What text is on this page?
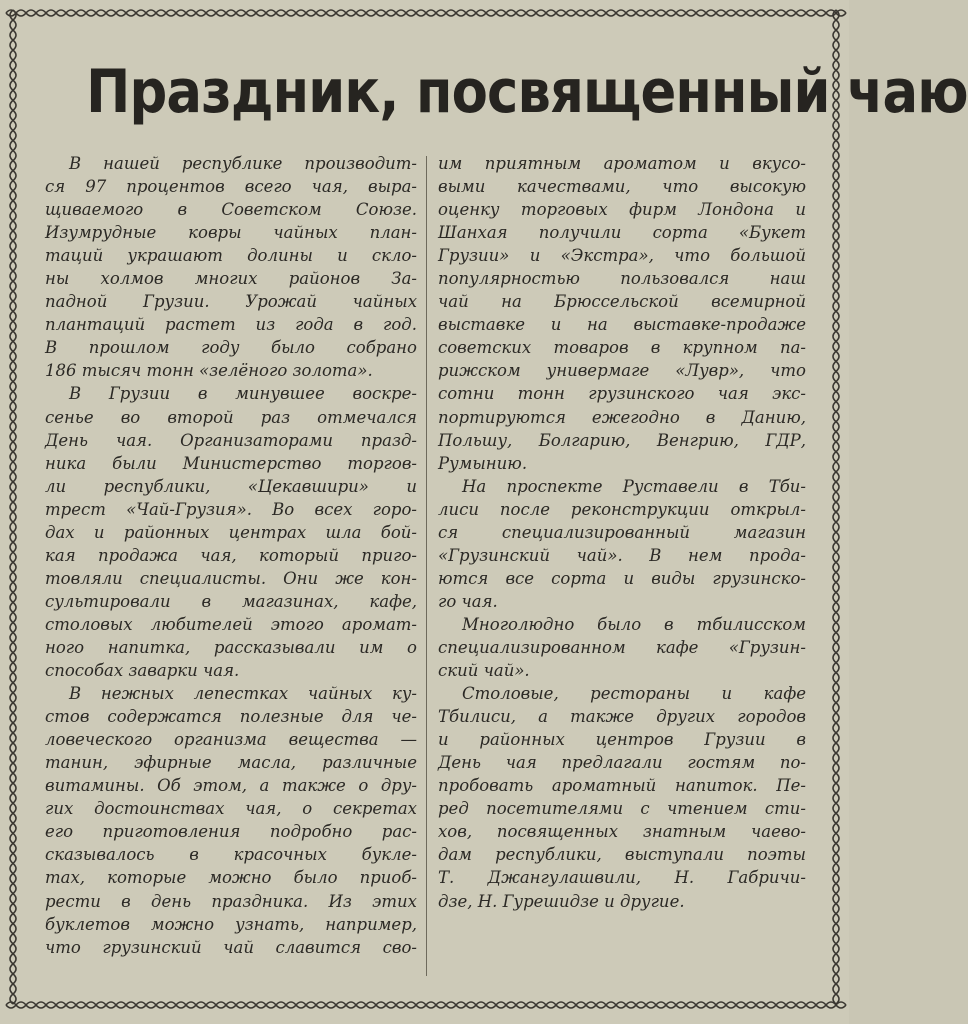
Праздник, посвященный чаю
В нашей республике производит-
ся 97 процентов всего чая, выра-
щиваемого в Советском Союзе.
Изумрудные ковры чайных план-
таций украшают долины и скло-
ны холмов многих районов За-
падной Грузии. Урожай чайных
плантаций растет из года в год.
В прошлом году было собрано
186 тысяч тонн «зелёного золота».
В Грузии в минувшее воскре-
сенье во второй раз отмечался
День чая. Организаторами празд-
ника были Министерство торгов-
ли республики, «Цекавшири» и
трест «Чай-Грузия». Во всех горо-
дах и районных центрах шла бой-
кая продажа чая, который приго-
товляли специалисты. Они же кон-
сультировали в магазинах, кафе,
столовых любителей этого аромат-
ного напитка, рассказывали им о
способах заварки чая.
В нежных лепестках чайных ку-
стов содержатся полезные для че-
ловеческого организма вещества —
танин, эфирные масла, различные
витамины. Об этом, а также о дру-
гих достоинствах чая, о секретах
его приготовления подробно рас-
сказывалось в красочных букле-
тах, которые можно было приоб-
рести в день праздника. Из этих
буклетов можно узнать, например,
что грузинский чай славится сво-
им приятным ароматом и вкусо-
выми качествами, что высокую
оценку торговых фирм Лондона и
Шанхая получили сорта «Букет
Грузии» и «Экстра», что большой
популярностью пользовался наш
чай на Брюссельской всемирной
выставке и на выставке-продаже
советских товаров в крупном па-
рижском универмаге «Лувр», что
сотни тонн грузинского чая экс-
портируются ежегодно в Данию,
Польшу, Болгарию, Венгрию, ГДР,
Румынию.
На проспекте Руставели в Тби-
лиси после реконструкции открыл-
ся специализированный магазин
«Грузинский чай». В нем прода-
ются все сорта и виды грузинско-
го чая.
Многолюдно было в тбилисском
специализированном кафе «Грузин-
ский чай».
Столовые, рестораны и кафе
Тбилиси, а также других городов
и районных центров Грузии в
День чая предлагали гостям по-
пробовать ароматный напиток. Пе-
ред посетителями с чтением сти-
хов, посвященных знатным чаево-
дам республики, выступали поэты
Т. Джангулашвили, Н. Габричи-
дзе, Н. Гурешидзе и другие.
